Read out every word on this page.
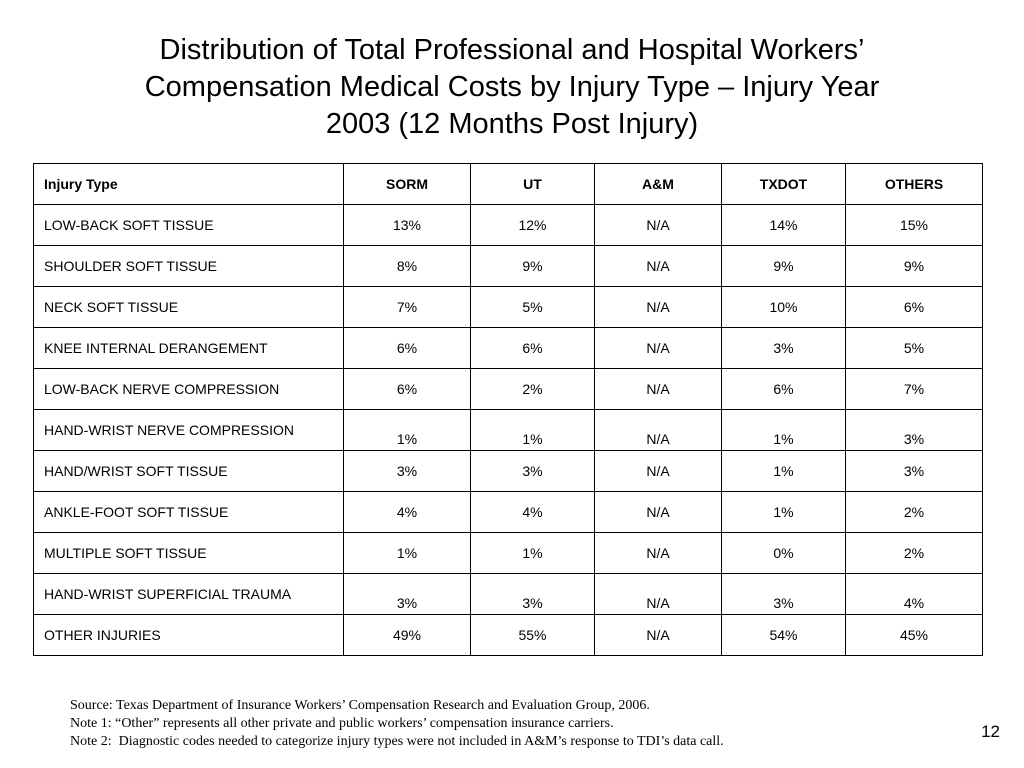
Distribution of Total Professional and Hospital Workers’
Compensation Medical Costs by Injury Type – Injury Year
2003 (12 Months Post Injury)
Injury Type	SORM	UT	A&M	TXDOT	OTHERS
LOW-BACK SOFT TISSUE	13%	12%	N/A	14%	15%
SHOULDER SOFT TISSUE	8%	9%	N/A	9%	9%
NECK SOFT TISSUE	7%	5%	N/A	10%	6%
KNEE INTERNAL DERANGEMENT	6%	6%	N/A	3%	5%
LOW-BACK NERVE COMPRESSION	6%	2%	N/A	6%	7%
HAND-WRIST NERVE COMPRESSION	1%	1%	N/A	1%	3%
HAND/WRIST SOFT TISSUE	3%	3%	N/A	1%	3%
ANKLE-FOOT SOFT TISSUE	4%	4%	N/A	1%	2%
MULTIPLE SOFT TISSUE	1%	1%	N/A	0%	2%
HAND-WRIST SUPERFICIAL TRAUMA	3%	3%	N/A	3%	4%
OTHER INJURIES	49%	55%	N/A	54%	45%
Source: Texas Department of Insurance Workers’ Compensation Research and Evaluation Group, 2006.
Note 1: “Other” represents all other private and public workers’ compensation insurance carriers.
Note 2:  Diagnostic codes needed to categorize injury types were not included in A&M’s response to TDI’s data call.
12
